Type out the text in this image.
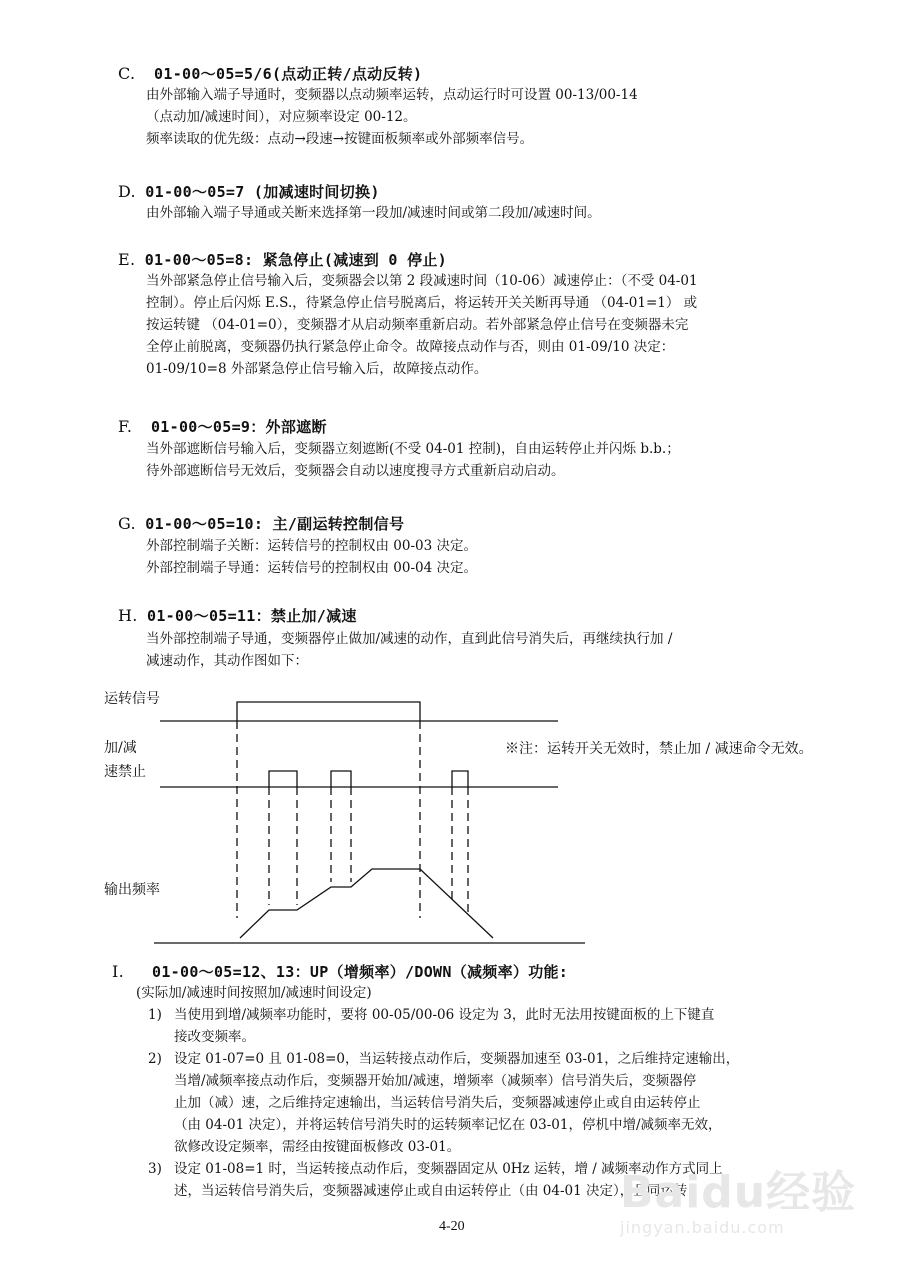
C. 01-00～05=5/6(点动正转/点动反转)
由外部输入端子导通时，变频器以点动频率运转，点动运行时可设置 00-13/00-14
（点动加/减速时间），对应频率设定 00-12。
频率读取的优先级：点动→段速→按键面板频率或外部频率信号。
D. 01-00～05=7 (加减速时间切换)
由外部输入端子导通或关断来选择第一段加/减速时间或第二段加/减速时间。
E. 01-00～05=8: 紧急停止(减速到 0 停止)
当外部紧急停止信号输入后，变频器会以第 2 段减速时间（10-06）减速停止：（不受 04-01
控制）。停止后闪烁 E.S.，待紧急停止信号脱离后，将运转开关关断再导通 （04-01=1） 或
按运转键 （04-01=0），变频器才从启动频率重新启动。若外部紧急停止信号在变频器未完
全停止前脱离，变频器仍执行紧急停止命令。故障接点动作与否，则由 01-09/10 决定：
01-09/10=8 外部紧急停止信号输入后，故障接点动作。
F. 01-00～05=9：外部遮断
当外部遮断信号输入后，变频器立刻遮断(不受 04-01 控制)，自由运转停止并闪烁 b.b.；
待外部遮断信号无效后，变频器会自动以速度搜寻方式重新启动启动。
G. 01-00～05=10: 主/副运转控制信号
外部控制端子关断：运转信号的控制权由 00-03 决定。
外部控制端子导通：运转信号的控制权由 00-04 决定。
H. 01-00～05=11：禁止加/减速
当外部控制端子导通，变频器停止做加/减速的动作，直到此信号消失后，再继续执行加 /
减速动作，其动作图如下：
运转信号
加/减
速禁止
输出频率
※注：运转开关无效时，禁止加 / 减速命令无效。
I. 01-00～05=12、13：UP（增频率）/DOWN（减频率）功能:
(实际加/减速时间按照加/减速时间设定)
1) 当使用到增/减频率功能时，要将 00-05/00-06 设定为 3，此时无法用按键面板的上下键直
接改变频率。
2) 设定 01-07=0 且 01-08=0，当运转接点动作后，变频器加速至 03-01，之后维持定速输出，
当增/减频率接点动作后，变频器开始加/减速，增频率（减频率）信号消失后，变频器停
止加（减）速，之后维持定速输出，当运转信号消失后，变频器减速停止或自由运转停止
（由 04-01 决定），并将运转信号消失时的运转频率记忆在 03-01，停机中增/减频率无效，
欲修改设定频率，需经由按键面板修改 03-01。
3) 设定 01-08=1 时，当运转接点动作后，变频器固定从 0Hz 运转，增 / 减频率动作方式同上
述，当运转信号消失后，变频器减速停止或自由运转停止（由 04-01 决定），且同运转
Baidu经验
jingyan.baidu.com
4-20
